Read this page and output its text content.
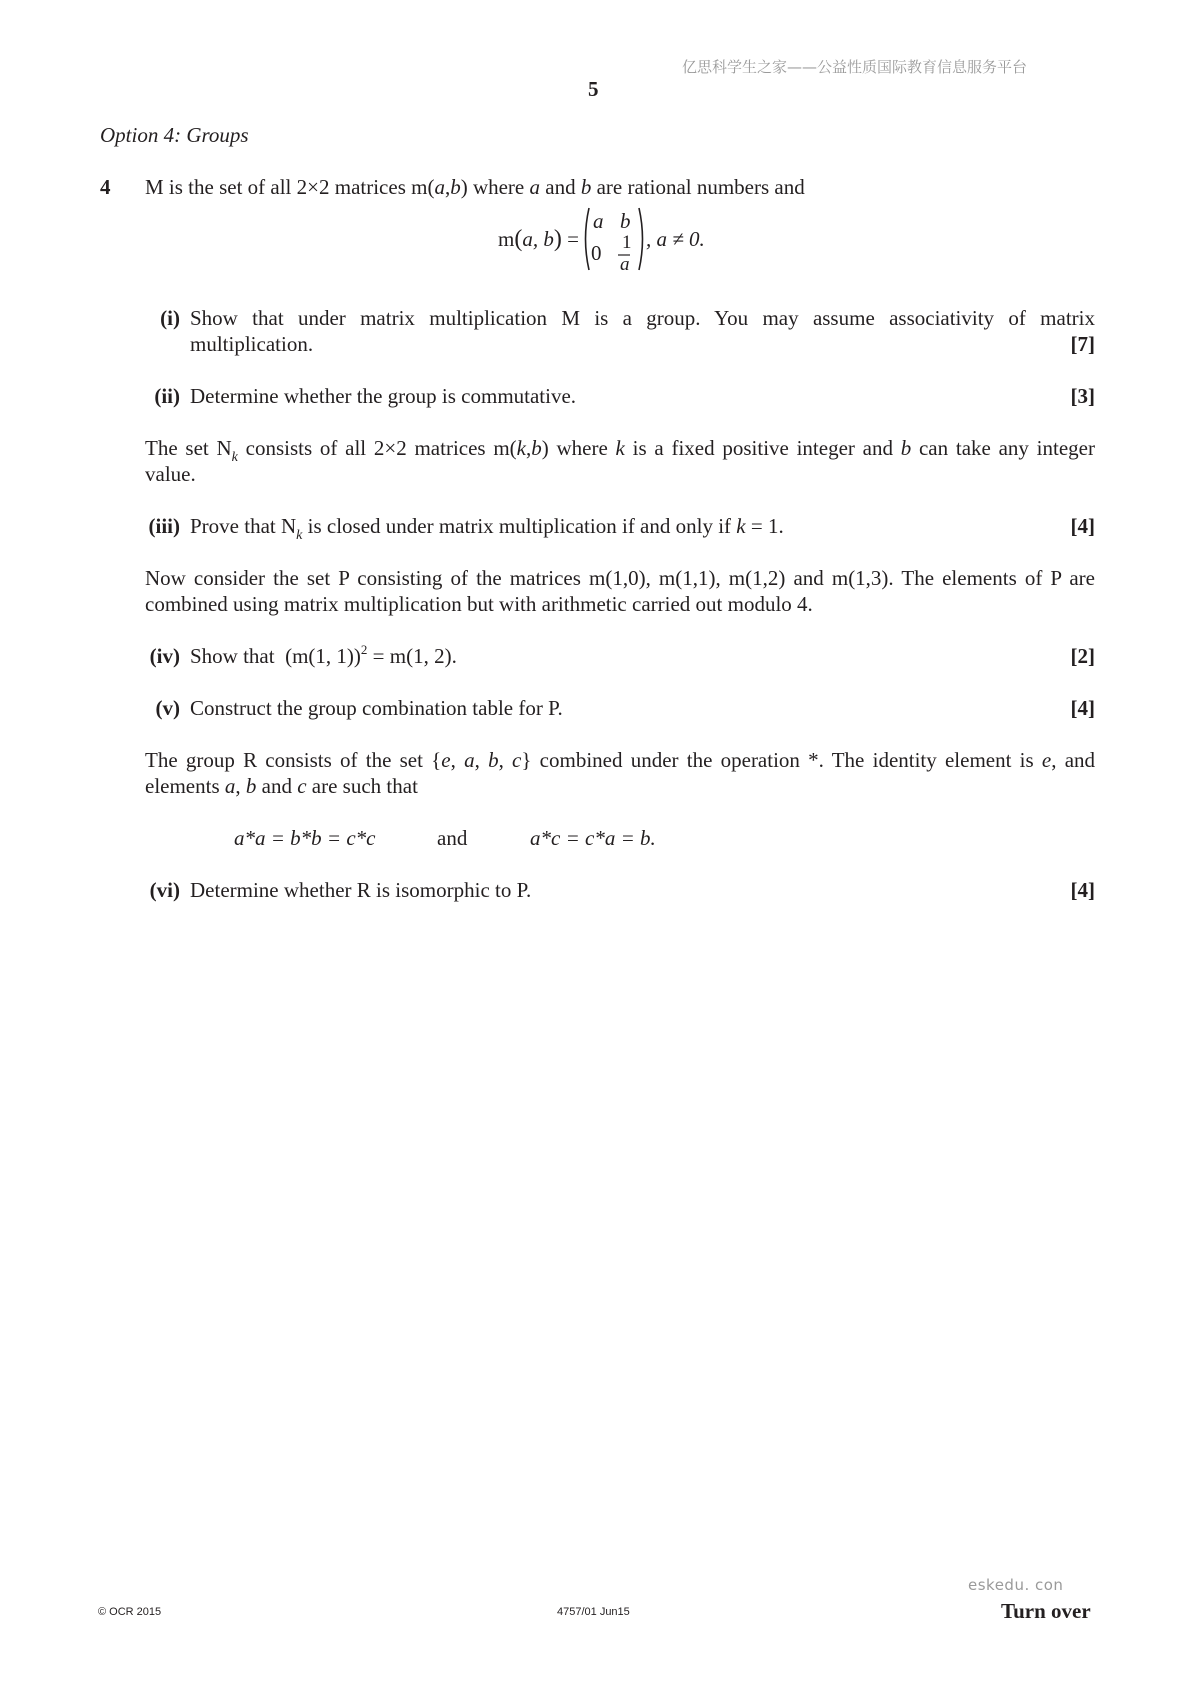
亿思科学生之家——公益性质国际教育信息服务平台
5
Option 4: Groups
4 M is the set of all 2×2 matrices m(a,b) where a and b are rational numbers and
m(a, b) =
a b
0 1
a
, a ≠ 0.
(i) Show that under matrix multiplication M is a group. You may assume associativity of matrix
multiplication.	[7]
(ii) Determine whether the group is commutative.	[3]
The set $N_k$ consists of all 2×2 matrices m(k,b) where k is a fixed positive integer and b can take any integer
value.
(iii) Prove that $N_k$ is closed under matrix multiplication if and only if k = 1.	[4]
Now consider the set P consisting of the matrices m(1,0), m(1,1), m(1,2) and m(1,3). The elements of P are
combined using matrix multiplication but with arithmetic carried out modulo 4.
(iv) Show that (m(1, 1))$^2$ = m(1, 2).	[2]
(v) Construct the group combination table for P.	[4]
The group R consists of the set {e, a, b, c} combined under the operation *. The identity element is e, and
elements a, b and c are such that
a*a = b*b = c*c	and	a*c = c*a = b.
(vi) Determine whether R is isomorphic to P.	[4]
eskedu. con
© OCR 2015	4757/01 Jun15	Turn over
